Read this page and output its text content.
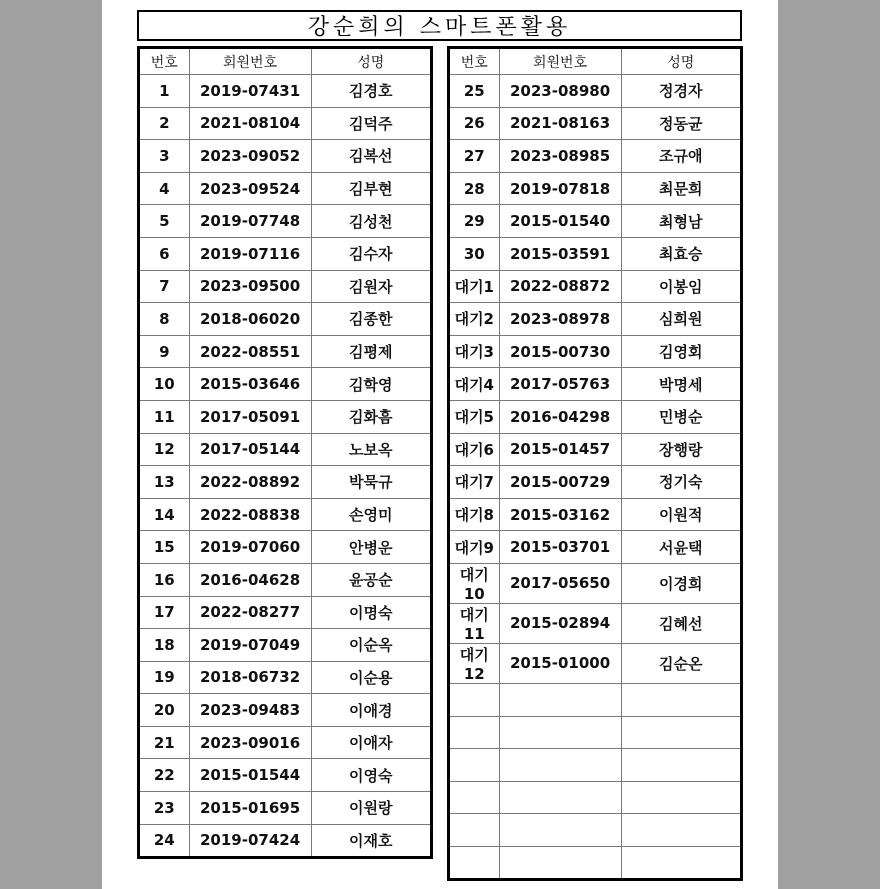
강순희의 스마트폰활용
번호	회원번호	성명
1	2019-07431	김경호
2	2021-08104	김덕주
3	2023-09052	김복선
4	2023-09524	김부현
5	2019-07748	김성천
6	2019-07116	김수자
7	2023-09500	김원자
8	2018-06020	김종한
9	2022-08551	김평제
10	2015-03646	김학영
11	2017-05091	김화흠
12	2017-05144	노보옥
13	2022-08892	박묵규
14	2022-08838	손영미
15	2019-07060	안병운
16	2016-04628	윤공순
17	2022-08277	이명숙
18	2019-07049	이순옥
19	2018-06732	이순용
20	2023-09483	이애경
21	2023-09016	이애자
22	2015-01544	이영숙
23	2015-01695	이원랑
24	2019-07424	이재호
번호	회원번호	성명
25	2023-08980	정경자
26	2021-08163	정동균
27	2023-08985	조규애
28	2019-07818	최문희
29	2015-01540	최형남
30	2015-03591	최효승
대기1	2022-08872	이봉임
대기2	2023-08978	심희원
대기3	2015-00730	김영회
대기4	2017-05763	박명세
대기5	2016-04298	민병순
대기6	2015-01457	장행랑
대기7	2015-00729	정기숙
대기8	2015-03162	이원적
대기9	2015-03701	서윤택
대기10	2017-05650	이경희
대기11	2015-02894	김혜선
대기12	2015-01000	김순온
